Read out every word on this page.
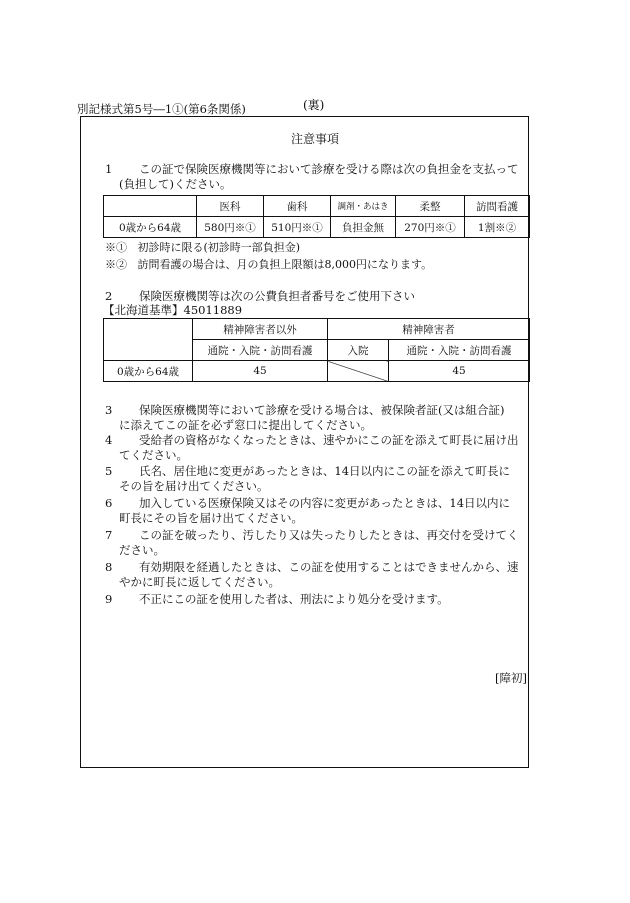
別記様式第5号―1①(第6条関係)	(裏)
注意事項
1 この証で保険医療機関等において診療を受ける際は次の負担金を支払って
(負担して)ください。
	医科	歯科	調剤・あはき	柔整	訪問看護
0歳から64歳	580円※①	510円※①	負担金無	270円※①	1割※②
※① 初診時に限る(初診時一部負担金)
※② 訪問看護の場合は、月の負担上限額は8,000円になります。
2 保険医療機関等は次の公費負担者番号をご使用下さい
【北海道基準】45011889
	精神障害者以外	精神障害者	
	通院・入院・訪問看護	入院	通院・入院・訪問看護
0歳から64歳	45		45
3 保険医療機関等において診療を受ける場合は、被保険者証(又は組合証)
に添えてこの証を必ず窓口に提出してください。
4 受給者の資格がなくなったときは、速やかにこの証を添えて町長に届け出
てください。
5 氏名、居住地に変更があったときは、14日以内にこの証を添えて町長に
その旨を届け出てください。
6 加入している医療保険又はその内容に変更があったときは、14日以内に
町長にその旨を届け出てください。
7 この証を破ったり、汚したり又は失ったりしたときは、再交付を受けてく
ださい。
8 有効期限を経過したときは、この証を使用することはできませんから、速
やかに町長に返してください。
9 不正にこの証を使用した者は、刑法により処分を受けます。
[障初]
